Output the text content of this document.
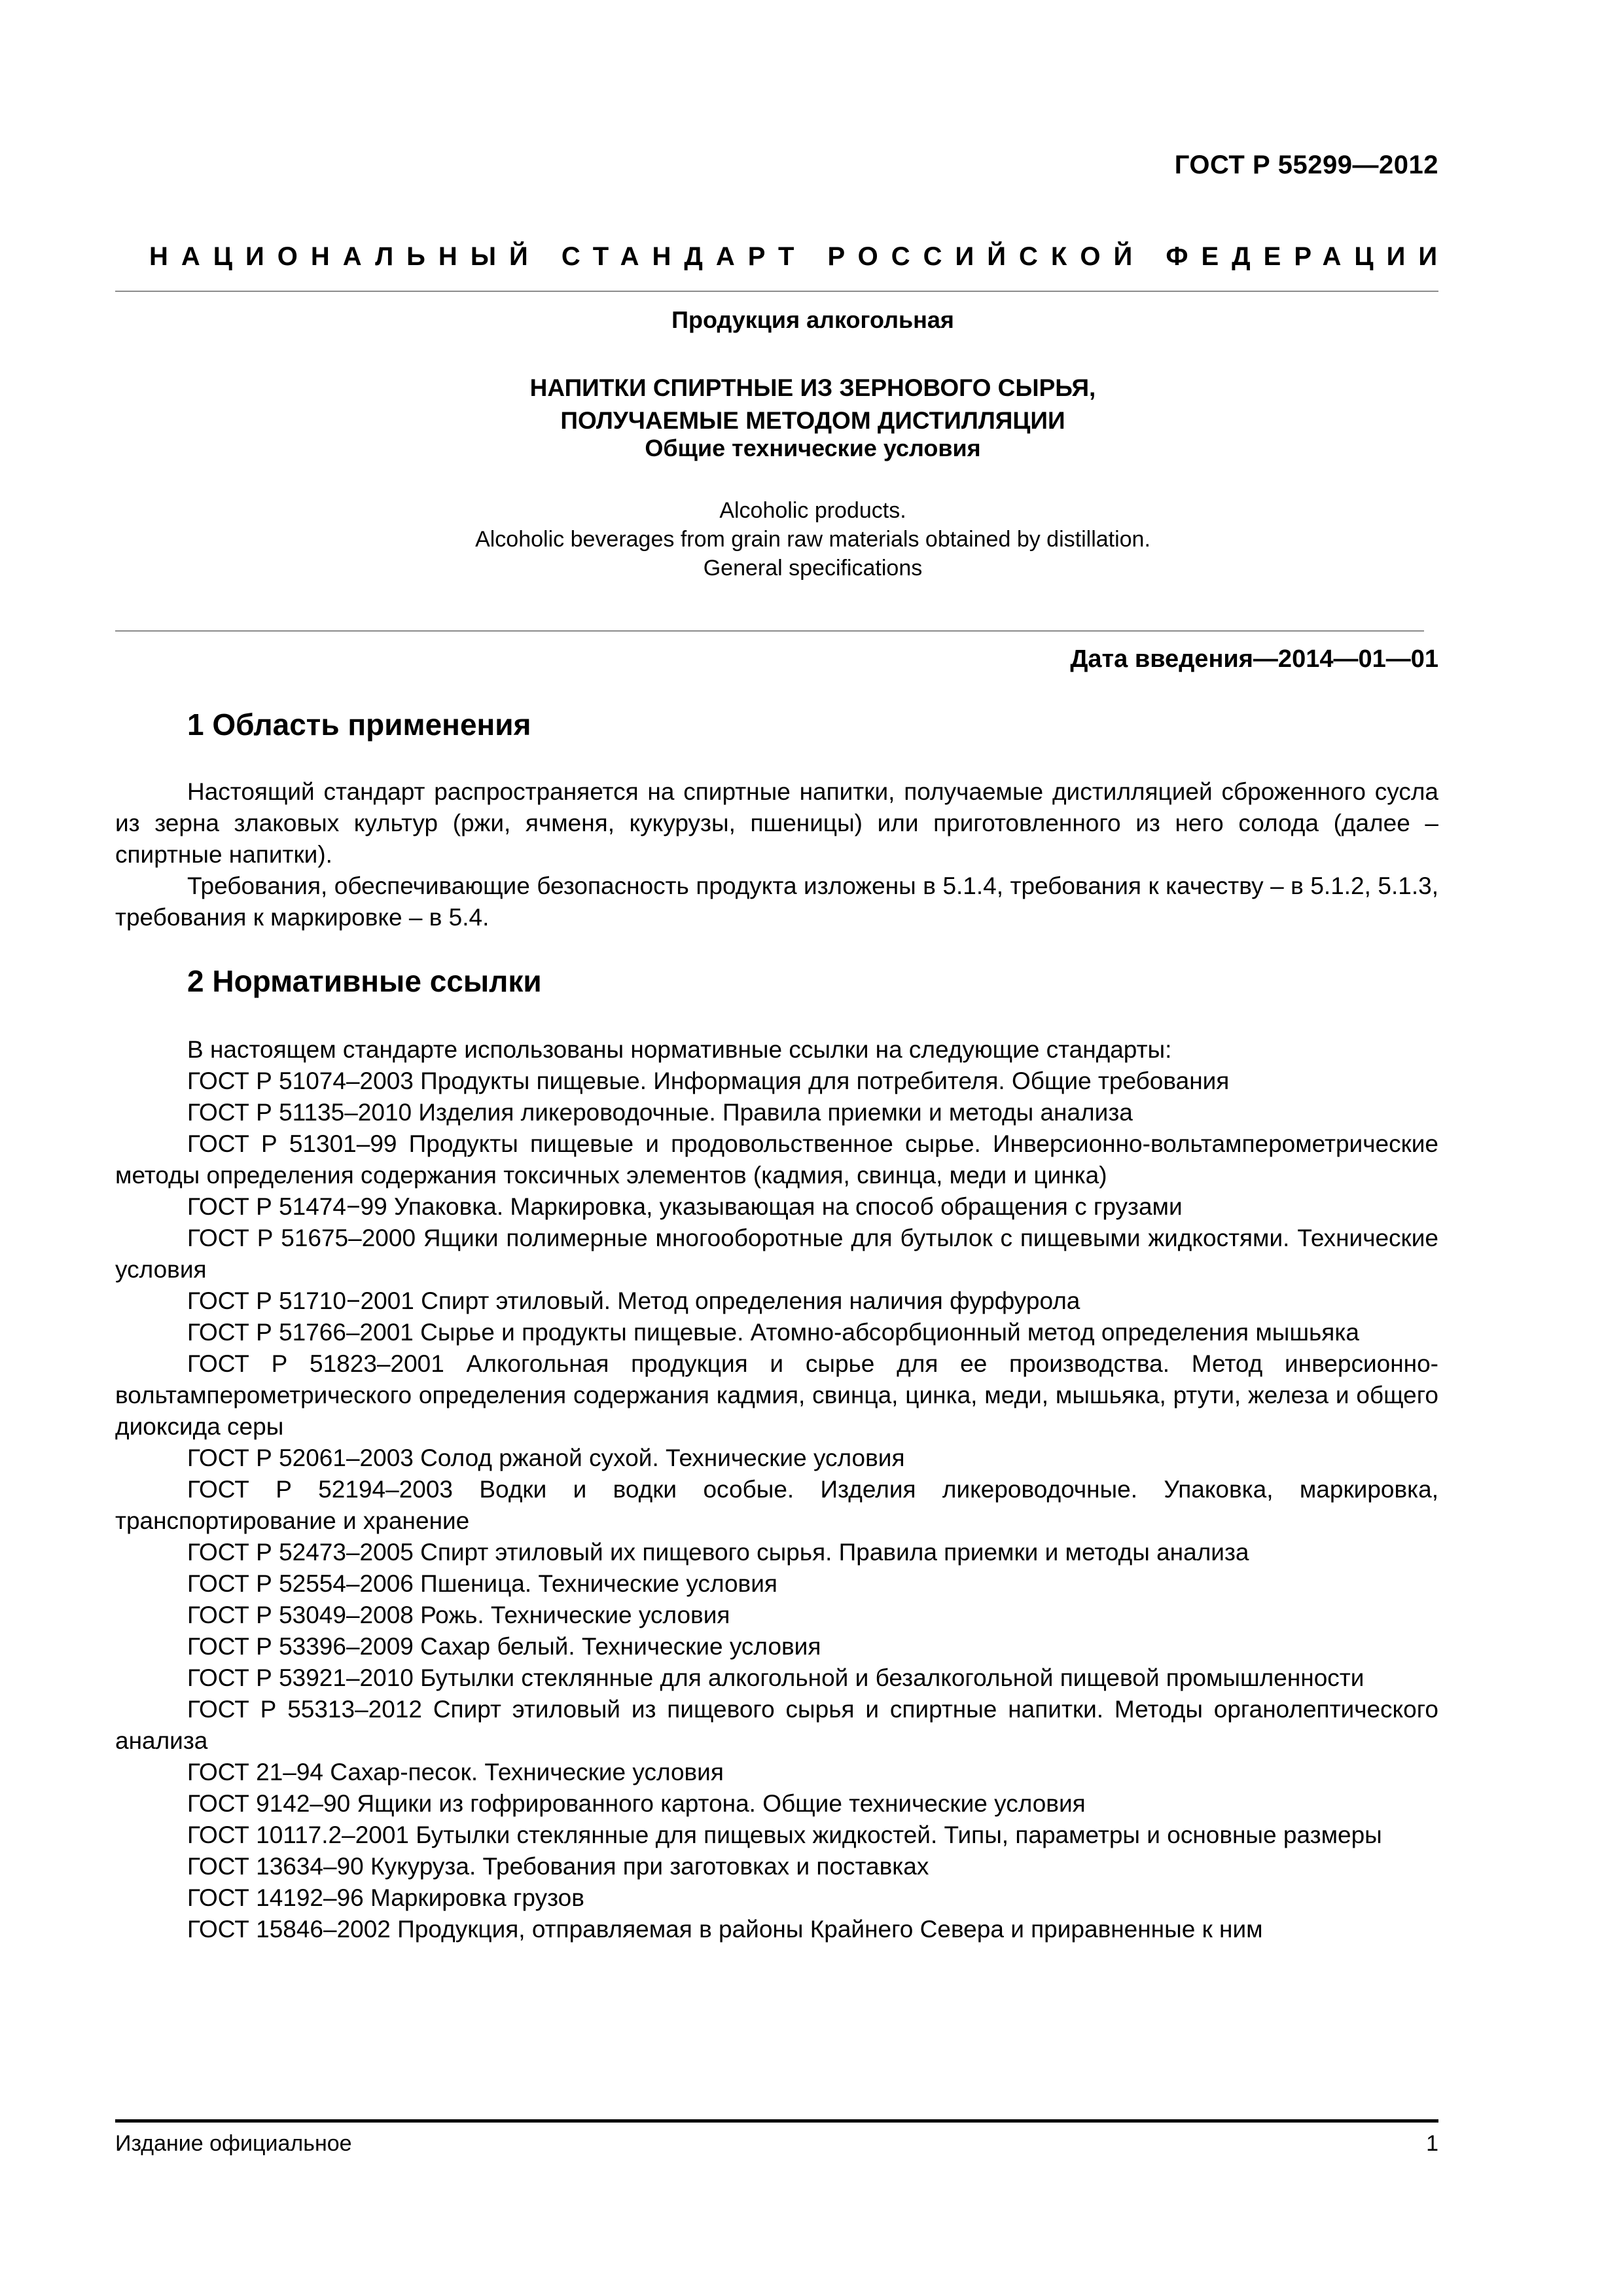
ГОСТ Р 55299—2012
НАЦИОНАЛЬНЫЙ СТАНДАРТ РОССИЙСКОЙ ФЕДЕРАЦИИ
Продукция алкогольная
НАПИТКИ СПИРТНЫЕ ИЗ ЗЕРНОВОГО СЫРЬЯ,
ПОЛУЧАЕМЫЕ МЕТОДОМ ДИСТИЛЛЯЦИИ
Общие технические условия
Alcoholic products.
Alcoholic beverages from grain raw materials obtained by distillation.
General specifications
Дата введения—2014—01—01
1 Область применения

Настоящий стандарт распространяется на спиртные напитки, получаемые дистилляцией сброженного сусла из зерна злаковых культур (ржи, ячменя, кукурузы, пшеницы) или приготовленного из него солода (далее – спиртные напитки).

Требования, обеспечивающие безопасность продукта изложены в 5.1.4, требования к качеству – в 5.1.2, 5.1.3, требования к маркировке – в 5.4.

2 Нормативные ссылки

В настоящем стандарте использованы нормативные ссылки на следующие стандарты:

ГОСТ Р 51074–2003 Продукты пищевые. Информация для потребителя. Общие требования

ГОСТ Р 51135–2010 Изделия ликероводочные. Правила приемки и методы анализа

ГОСТ Р 51301–99 Продукты пищевые и продовольственное сырье. Инверсионно-вольтамперометрические методы определения содержания токсичных элементов (кадмия, свинца, меди и цинка)

ГОСТ Р 51474−99 Упаковка. Маркировка, указывающая на способ обращения с грузами

ГОСТ Р 51675–2000 Ящики полимерные многооборотные для бутылок с пищевыми жидкостями. Технические условия

ГОСТ Р 51710−2001 Спирт этиловый. Метод определения наличия фурфурола

ГОСТ Р 51766–2001 Сырье и продукты пищевые. Атомно-абсорбционный метод определения мышьяка

ГОСТ Р 51823–2001 Алкогольная продукция и сырье для ее производства. Метод инверсионно-вольтамперометрического определения содержания кадмия, свинца, цинка, меди, мышьяка, ртути, железа и общего диоксида серы

ГОСТ Р 52061–2003 Солод ржаной сухой. Технические условия

ГОСТ Р 52194–2003 Водки и водки особые. Изделия ликероводочные. Упаковка, маркировка, транспортирование и хранение

ГОСТ Р 52473–2005 Спирт этиловый их пищевого сырья. Правила приемки и методы анализа

ГОСТ Р 52554–2006 Пшеница. Технические условия

ГОСТ Р 53049–2008 Рожь. Технические условия

ГОСТ Р 53396–2009 Сахар белый. Технические условия

ГОСТ Р 53921–2010 Бутылки стеклянные для алкогольной и безалкогольной пищевой промышленности

ГОСТ Р 55313–2012 Спирт этиловый из пищевого сырья и спиртные напитки. Методы органолептического анализа

ГОСТ 21–94 Сахар-песок. Технические условия

ГОСТ 9142–90 Ящики из гофрированного картона. Общие технические условия

ГОСТ 10117.2–2001 Бутылки стеклянные для пищевых жидкостей. Типы, параметры и основные размеры

ГОСТ 13634–90 Кукуруза. Требования при заготовках и поставках

ГОСТ 14192–96 Маркировка грузов

ГОСТ 15846–2002 Продукция, отправляемая в районы Крайнего Севера и приравненные к ним

Издание официальное	1
